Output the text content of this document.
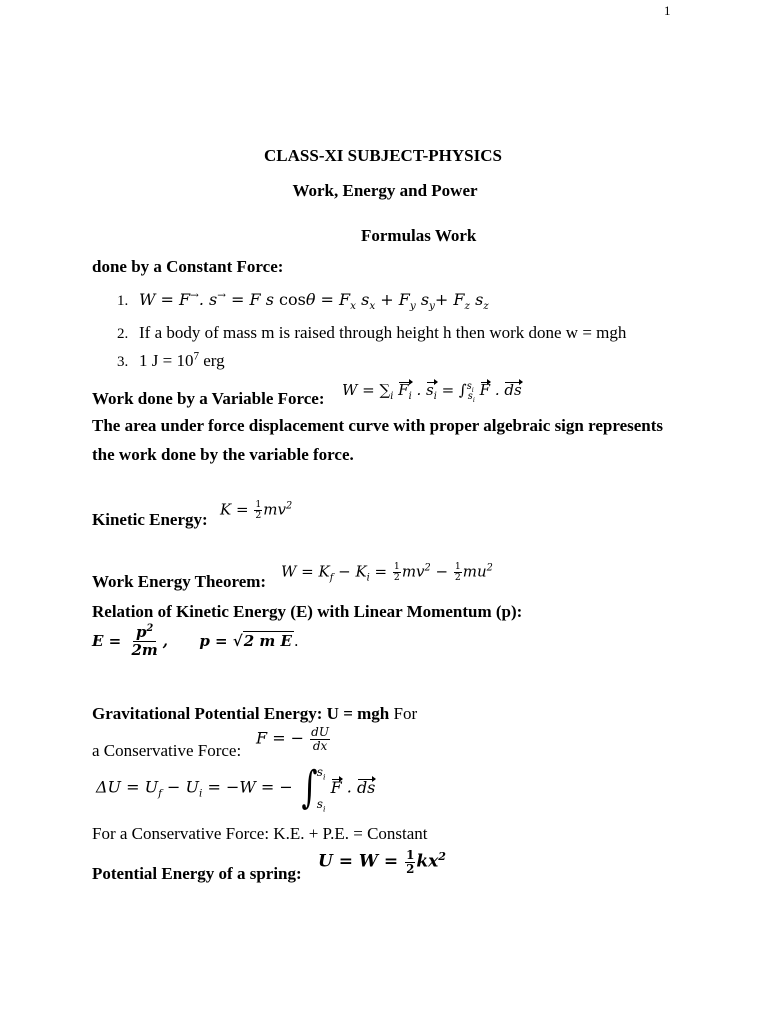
1
CLASS-XI SUBJECT-PHYSICS
Work, Energy and Power
Formulas Work
done by a Constant Force:
1. W = F→. s→ = F s $\cos\theta = F_x$ $s_x + F_y$ $s_y+ F_z$ $s_z$
2. If a body of mass m is raised through height h then work done w = mgh
3. 1 $J = 10^7$ erg
Work done by a Variable Force: $W = \sum_i$ $F_i$ . $s_i = \int^{s_i}_{s_i}$ F . ds
The area under force displacement curve with proper algebraic sign represents
the work done by the variable force.
Kinetic Energy:
$K = \frac{1}{2} mv^2$
Work Energy Theorem:
$W = K_f - K_i = \frac{1}{2} mv^2 - \frac{1}{2} mu^2$
Relation of Kinetic Energy (E) with Linear Momentum (p):
$E = \frac{p^2}{2m}$ ,      p = √2 m E .
Gravitational Potential Energy: U = mgh For
a Conservative Force:
F = − $\frac{dU}{dx}$
$\Delta U = U_f - U_i = -W$ = − ∫ $s_i$
$s_i$
F . ds
For a Conservative Force: K.E. + P.E. = Constant
Potential Energy of a spring:
$U = W = \frac{1}{2} kx^2$
